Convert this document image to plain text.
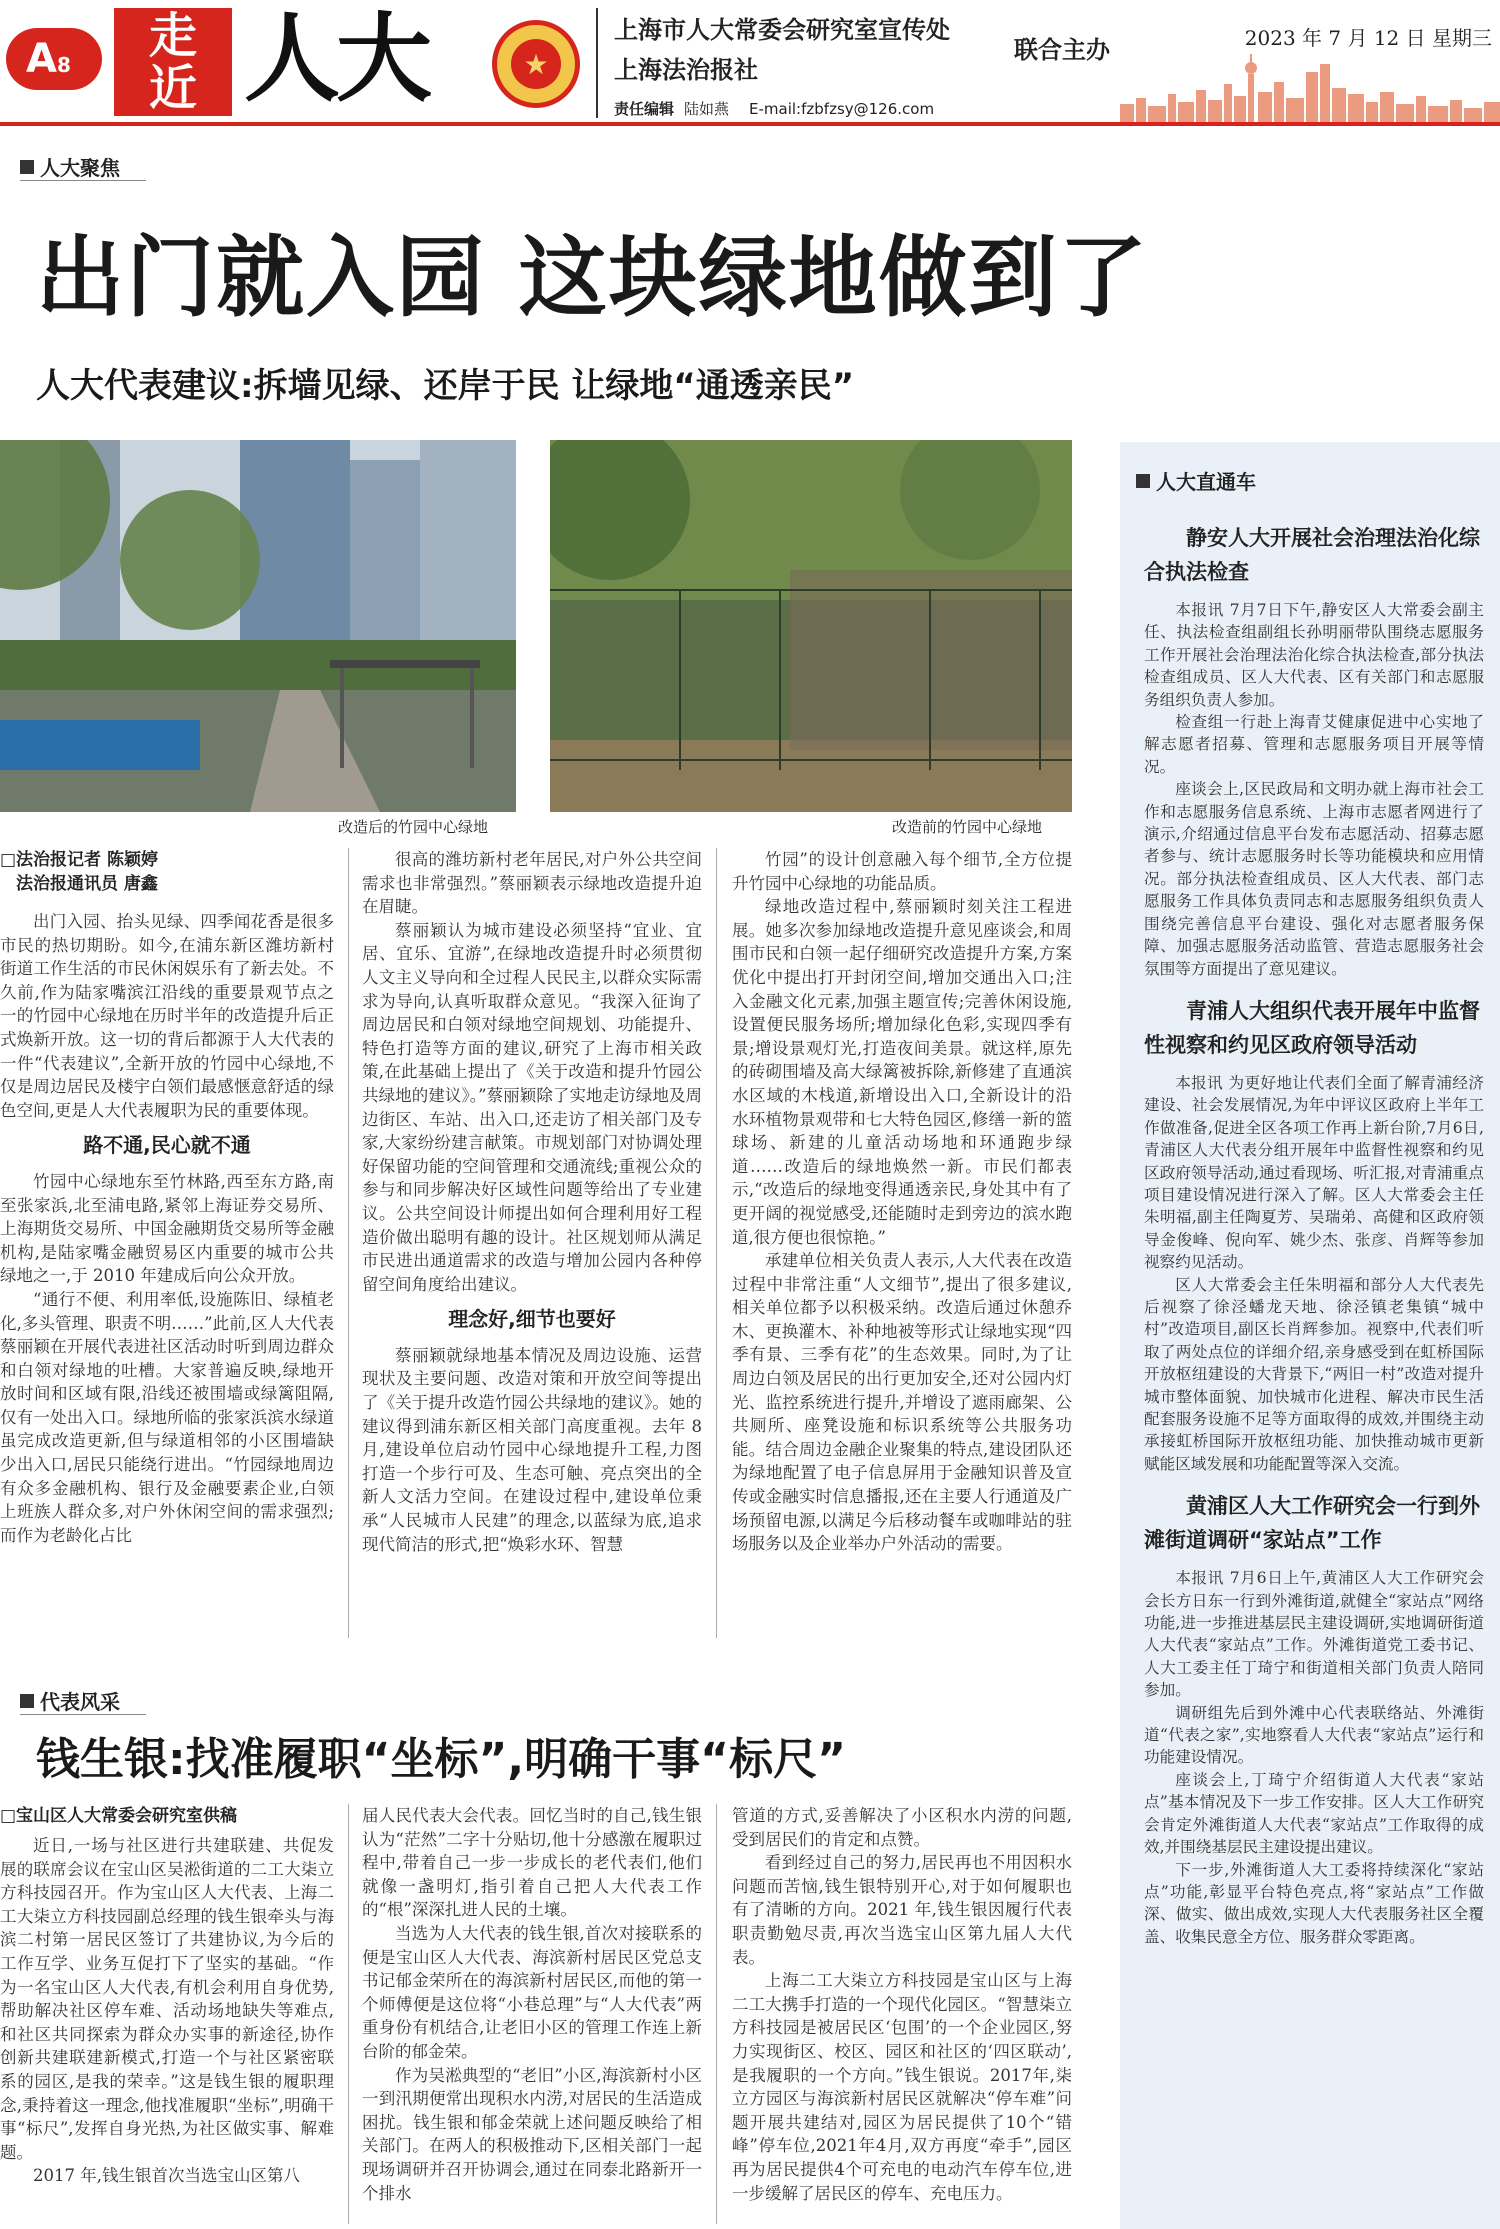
A8
走
近 人大	★
上海市人大常委会研究室宣传处
上海法治报社
联合主办
责任编辑 陆如燕 E-mail:fzbfzsy@126.com
2023 年 7 月 12 日 星期三
人大聚焦
出门就入园 这块绿地做到了
人大代表建议:拆墙见绿、还岸于民 让绿地“通透亲民”
改造后的竹园中心绿地	改造前的竹园中心绿地
□法治报记者 陈颖婷
法治报通讯员 唐鑫

出门入园、抬头见绿、四季闻花香是很多市民的热切期盼。如今,在浦东新区潍坊新村街道工作生活的市民休闲娱乐有了新去处。不久前,作为陆家嘴滨江沿线的重要景观节点之一的竹园中心绿地在历时半年的改造提升后正式焕新开放。这一切的背后都源于人大代表的一件“代表建议”,全新开放的竹园中心绿地,不仅是周边居民及楼宇白领们最感惬意舒适的绿色空间,更是人大代表履职为民的重要体现。

路不通,民心就不通

竹园中心绿地东至竹林路,西至东方路,南至张家浜,北至浦电路,紧邻上海证券交易所、上海期货交易所、中国金融期货交易所等金融机构,是陆家嘴金融贸易区内重要的城市公共绿地之一,于 2010 年建成后向公众开放。

“通行不便、利用率低,设施陈旧、绿植老化,多头管理、职责不明……”此前,区人大代表蔡丽颖在开展代表进社区活动时听到周边群众和白领对绿地的吐槽。大家普遍反映,绿地开放时间和区域有限,沿线还被围墙或绿篱阻隔,仅有一处出入口。绿地所临的张家浜滨水绿道虽完成改造更新,但与绿道相邻的小区围墙缺少出入口,居民只能绕行进出。“竹园绿地周边有众多金融机构、银行及金融要素企业,白领上班族人群众多,对户外休闲空间的需求强烈;而作为老龄化占比

很高的潍坊新村老年居民,对户外公共空间需求也非常强烈。”蔡丽颖表示绿地改造提升迫在眉睫。

蔡丽颖认为城市建设必须坚持“宜业、宜居、宜乐、宜游”,在绿地改造提升时必须贯彻人文主义导向和全过程人民民主,以群众实际需求为导向,认真听取群众意见。“我深入征询了周边居民和白领对绿地空间规划、功能提升、特色打造等方面的建议,研究了上海市相关政策,在此基础上提出了《关于改造和提升竹园公共绿地的建议》。”蔡丽颖除了实地走访绿地及周边街区、车站、出入口,还走访了相关部门及专家,大家纷纷建言献策。市规划部门对协调处理好保留功能的空间管理和交通流线;重视公众的参与和同步解决好区域性问题等给出了专业建议。公共空间设计师提出如何合理利用好工程造价做出聪明有趣的设计。社区规划师从满足市民进出通道需求的改造与增加公园内各种停留空间角度给出建议。

理念好,细节也要好

蔡丽颖就绿地基本情况及周边设施、运营现状及主要问题、改造对策和开放空间等提出了《关于提升改造竹园公共绿地的建议》。她的建议得到浦东新区相关部门高度重视。去年 8 月,建设单位启动竹园中心绿地提升工程,力图打造一个步行可及、生态可触、亮点突出的全新人文活力空间。在建设过程中,建设单位秉承“人民城市人民建”的理念,以蓝绿为底,追求现代简洁的形式,把“焕彩水环、智慧

竹园”的设计创意融入每个细节,全方位提升竹园中心绿地的功能品质。

绿地改造过程中,蔡丽颖时刻关注工程进展。她多次参加绿地改造提升意见座谈会,和周围市民和白领一起仔细研究改造提升方案,方案优化中提出打开封闭空间,增加交通出入口;注入金融文化元素,加强主题宣传;完善休闲设施,设置便民服务场所;增加绿化色彩,实现四季有景;增设景观灯光,打造夜间美景。就这样,原先的砖砌围墙及高大绿篱被拆除,新修建了直通滨水区域的木栈道,新增设出入口,全新设计的沿水环植物景观带和七大特色园区,修缮一新的篮球场、新建的儿童活动场地和环通跑步绿道……改造后的绿地焕然一新。市民们都表示,“改造后的绿地变得通透亲民,身处其中有了更开阔的视觉感受,还能随时走到旁边的滨水跑道,很方便也很惊艳。”

承建单位相关负责人表示,人大代表在改造过程中非常注重“人文细节”,提出了很多建议,相关单位都予以积极采纳。改造后通过休憩乔木、更换灌木、补种地被等形式让绿地实现“四季有景、三季有花”的生态效果。同时,为了让周边白领及居民的出行更加安全,还对公园内灯光、监控系统进行提升,并增设了遮雨廊架、公共厕所、座凳设施和标识系统等公共服务功能。结合周边金融企业聚集的特点,建设团队还为绿地配置了电子信息屏用于金融知识普及宣传或金融实时信息播报,还在主要人行通道及广场预留电源,以满足今后移动餐车或咖啡站的驻场服务以及企业举办户外活动的需要。

代表风采
钱生银:找准履职“坐标”,明确干事“标尺”
□宝山区人大常委会研究室供稿

近日,一场与社区进行共建联建、共促发展的联席会议在宝山区吴淞街道的二工大柒立方科技园召开。作为宝山区人大代表、上海二工大柒立方科技园副总经理的钱生银牵头与海滨二村第一居民区签订了共建协议,为今后的工作互学、业务互促打下了坚实的基础。“作为一名宝山区人大代表,有机会利用自身优势,帮助解决社区停车难、活动场地缺失等难点,和社区共同探索为群众办实事的新途径,协作创新共建联建新模式,打造一个与社区紧密联系的园区,是我的荣幸。”这是钱生银的履职理念,秉持着这一理念,他找准履职“坐标”,明确干事“标尺”,发挥自身光热,为社区做实事、解难题。

2017 年,钱生银首次当选宝山区第八

届人民代表大会代表。回忆当时的自己,钱生银认为“茫然”二字十分贴切,他十分感激在履职过程中,带着自己一步一步成长的老代表们,他们就像一盏明灯,指引着自己把人大代表工作的“根”深深扎进人民的土壤。

当选为人大代表的钱生银,首次对接联系的便是宝山区人大代表、海滨新村居民区党总支书记郁金荣所在的海滨新村居民区,而他的第一个师傅便是这位将“小巷总理”与“人大代表”两重身份有机结合,让老旧小区的管理工作连上新台阶的郁金荣。

作为吴淞典型的“老旧”小区,海滨新村小区一到汛期便常出现积水内涝,对居民的生活造成困扰。钱生银和郁金荣就上述问题反映给了相关部门。在两人的积极推动下,区相关部门一起现场调研并召开协调会,通过在同泰北路新开一个排水

管道的方式,妥善解决了小区积水内涝的问题,受到居民们的肯定和点赞。

看到经过自己的努力,居民再也不用因积水问题而苦恼,钱生银特别开心,对于如何履职也有了清晰的方向。2021 年,钱生银因履行代表职责勤勉尽责,再次当选宝山区第九届人大代表。

上海二工大柒立方科技园是宝山区与上海二工大携手打造的一个现代化园区。“智慧柒立方科技园是被居民区‘包围’的一个企业园区,努力实现街区、校区、园区和社区的‘四区联动’,是我履职的一个方向。”钱生银说。2017年,柒立方园区与海滨新村居民区就解决“停车难”问题开展共建结对,园区为居民提供了10个“错峰”停车位,2021年4月,双方再度“牵手”,园区再为居民提供4个可充电的电动汽车停车位,进一步缓解了居民区的停车、充电压力。

人大直通车
静安人大开展社会治理法治化综合执法检查

本报讯 7月7日下午,静安区人大常委会副主任、执法检查组副组长孙明丽带队围绕志愿服务工作开展社会治理法治化综合执法检查,部分执法检查组成员、区人大代表、区有关部门和志愿服务组织负责人参加。

检查组一行赴上海青艾健康促进中心实地了解志愿者招募、管理和志愿服务项目开展等情况。

座谈会上,区民政局和文明办就上海市社会工作和志愿服务信息系统、上海市志愿者网进行了演示,介绍通过信息平台发布志愿活动、招募志愿者参与、统计志愿服务时长等功能模块和应用情况。部分执法检查组成员、区人大代表、部门志愿服务工作具体负责同志和志愿服务组织负责人围绕完善信息平台建设、强化对志愿者服务保障、加强志愿服务活动监管、营造志愿服务社会氛围等方面提出了意见建议。

青浦人大组织代表开展年中监督性视察和约见区政府领导活动

本报讯 为更好地让代表们全面了解青浦经济建设、社会发展情况,为年中评议区政府上半年工作做准备,促进全区各项工作再上新台阶,7月6日,青浦区人大代表分组开展年中监督性视察和约见区政府领导活动,通过看现场、听汇报,对青浦重点项目建设情况进行深入了解。区人大常委会主任朱明福,副主任陶夏芳、吴瑞弟、高健和区政府领导金俊峰、倪向军、姚少杰、张彦、肖辉等参加视察约见活动。

区人大常委会主任朱明福和部分人大代表先后视察了徐泾蟠龙天地、徐泾镇老集镇“城中村”改造项目,副区长肖辉参加。视察中,代表们听取了两处点位的详细介绍,亲身感受到在虹桥国际开放枢纽建设的大背景下,“两旧一村”改造对提升城市整体面貌、加快城市化进程、解决市民生活配套服务设施不足等方面取得的成效,并围绕主动承接虹桥国际开放枢纽功能、加快推动城市更新赋能区域发展和功能配置等深入交流。

黄浦区人大工作研究会一行到外滩街道调研“家站点”工作

本报讯 7月6日上午,黄浦区人大工作研究会会长方日东一行到外滩街道,就健全“家站点”网络功能,进一步推进基层民主建设调研,实地调研街道人大代表“家站点”工作。外滩街道党工委书记、人大工委主任丁琦宁和街道相关部门负责人陪同参加。

调研组先后到外滩中心代表联络站、外滩街道“代表之家”,实地察看人大代表“家站点”运行和功能建设情况。

座谈会上,丁琦宁介绍街道人大代表“家站点”基本情况及下一步工作安排。区人大工作研究会肯定外滩街道人大代表“家站点”工作取得的成效,并围绕基层民主建设提出建议。

下一步,外滩街道人大工委将持续深化“家站点”功能,彰显平台特色亮点,将“家站点”工作做深、做实、做出成效,实现人大代表服务社区全覆盖、收集民意全方位、服务群众零距离。
